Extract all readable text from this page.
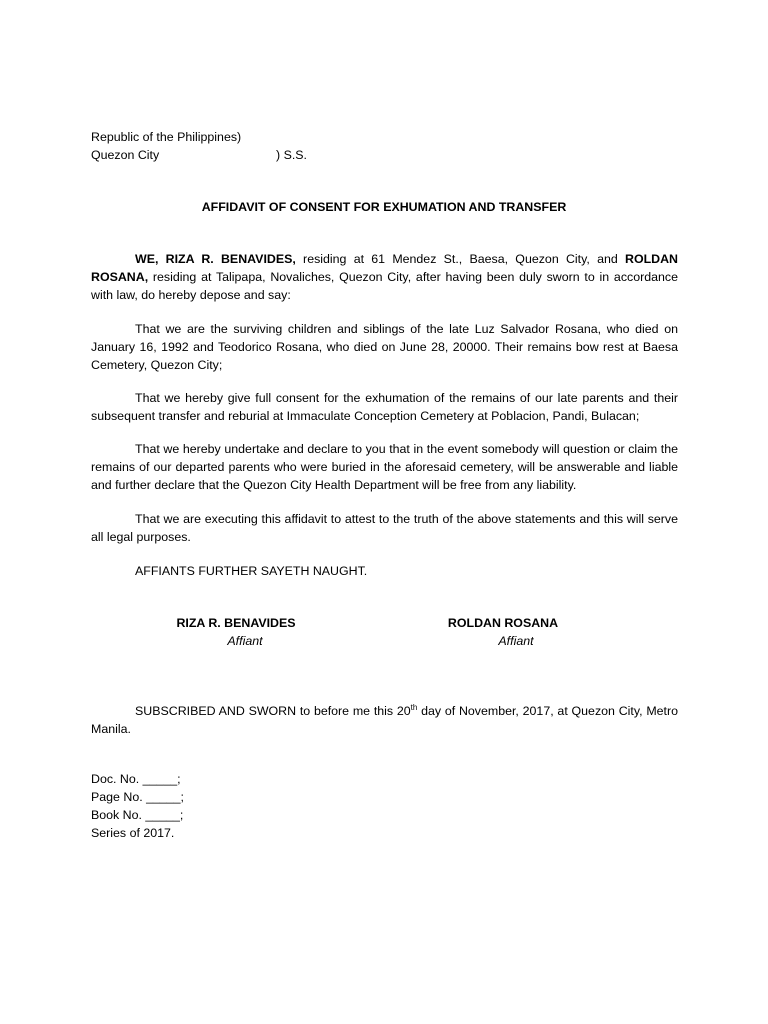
Republic of the Philippines)

Quezon City	) S.S.

AFFIDAVIT OF CONSENT FOR EXHUMATION AND TRANSFER

WE, RIZA R. BENAVIDES, residing at 61 Mendez St., Baesa, Quezon City, and ROLDAN ROSANA, residing at Talipapa, Novaliches, Quezon City, after having been duly sworn to in accordance with law, do hereby depose and say:

That we are the surviving children and siblings of the late Luz Salvador Rosana, who died on January 16, 1992 and Teodorico Rosana, who died on June 28, 20000. Their remains bow rest at Baesa Cemetery, Quezon City;

That we hereby give full consent for the exhumation of the remains of our late parents and their subsequent transfer and reburial at Immaculate Conception Cemetery at Poblacion, Pandi, Bulacan;

That we hereby undertake and declare to you that in the event somebody will question or claim the remains of our departed parents who were buried in the aforesaid cemetery, will be answerable and liable and further declare that the Quezon City Health Department will be free from any liability.

That we are executing this affidavit to attest to the truth of the above statements and this will serve all legal purposes.

AFFIANTS FURTHER SAYETH NAUGHT.

RIZA R. BENAVIDES

Affiant

ROLDAN ROSANA

Affiant

SUBSCRIBED AND SWORN to before me this 20th day of November, 2017, at Quezon City, Metro Manila.

Doc. No. _____;

Page No. _____;

Book No. _____;

Series of 2017.
